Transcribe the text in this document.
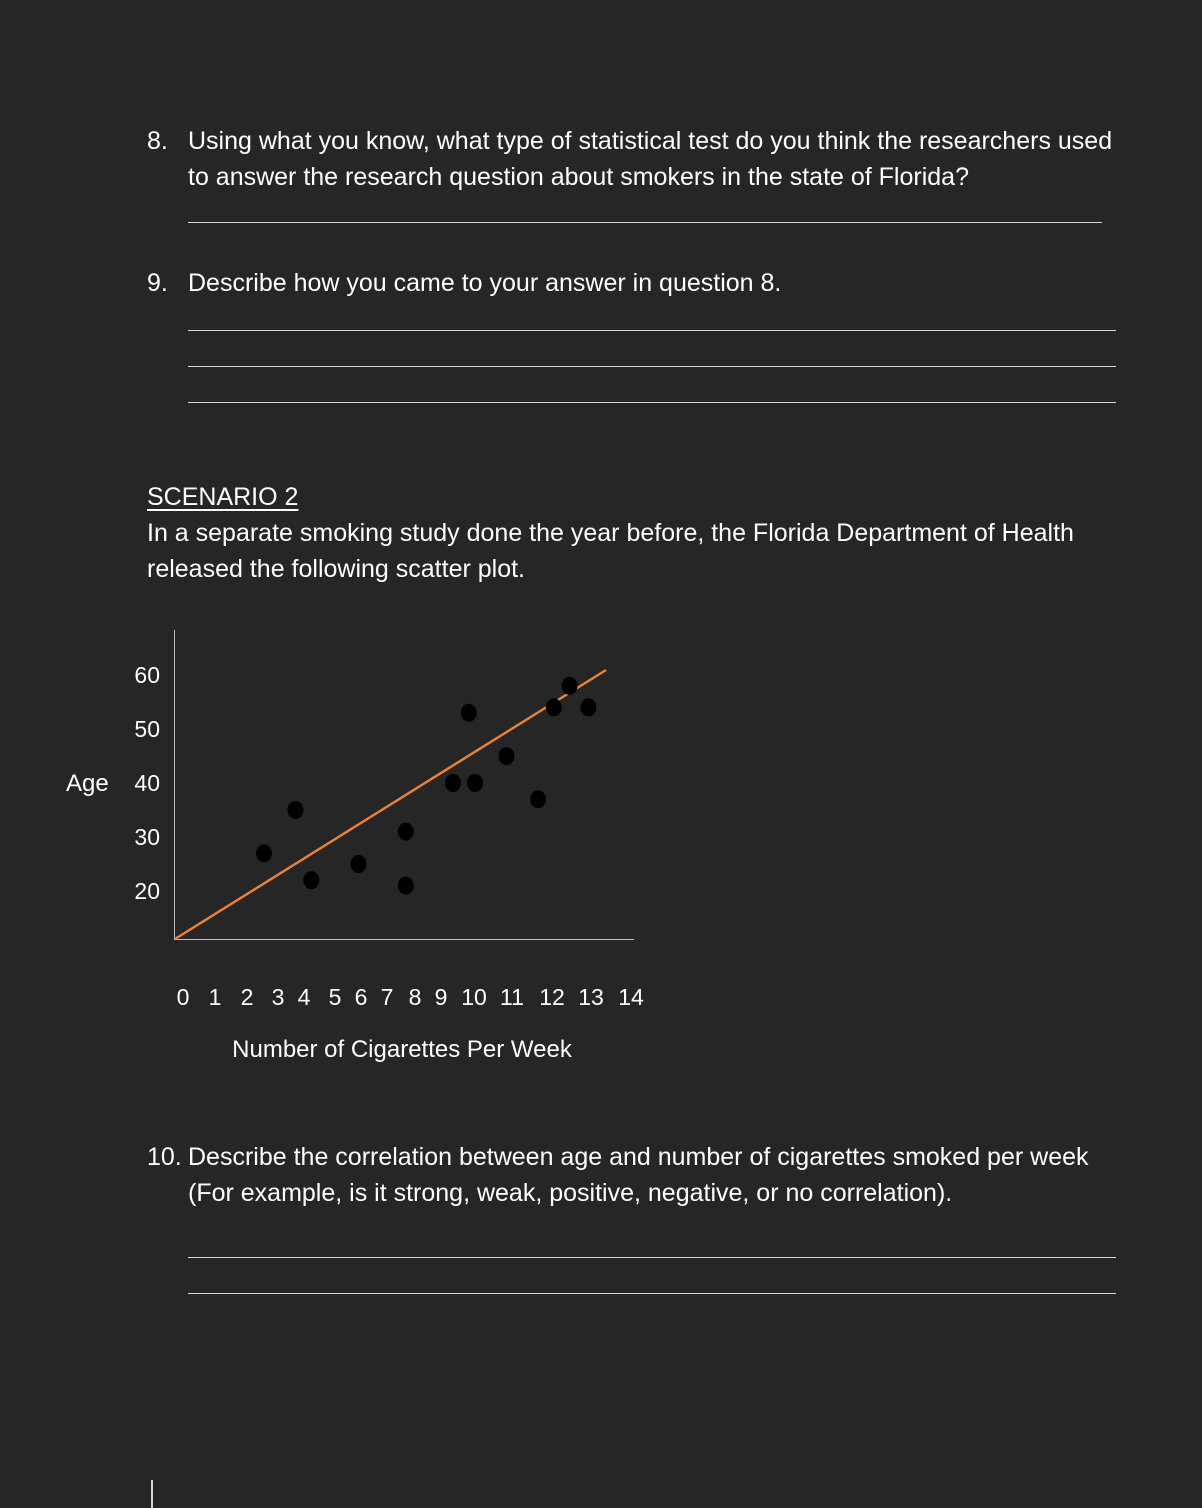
8. Using what you know, what type of statistical test do you think the researchers used to answer the research question about smokers in the state of Florida?
9. Describe how you came to your answer in question 8.
SCENARIO 2
In a separate smoking study done the year before, the Florida Department of Health released the following scatter plot.
Age
60
50
40
30
20
0 1 2 3 4 5 6 7 8 9 10 11 12 13 14
Number of Cigarettes Per Week
10. Describe the correlation between age and number of cigarettes smoked per week (For example, is it strong, weak, positive, negative, or no correlation).
